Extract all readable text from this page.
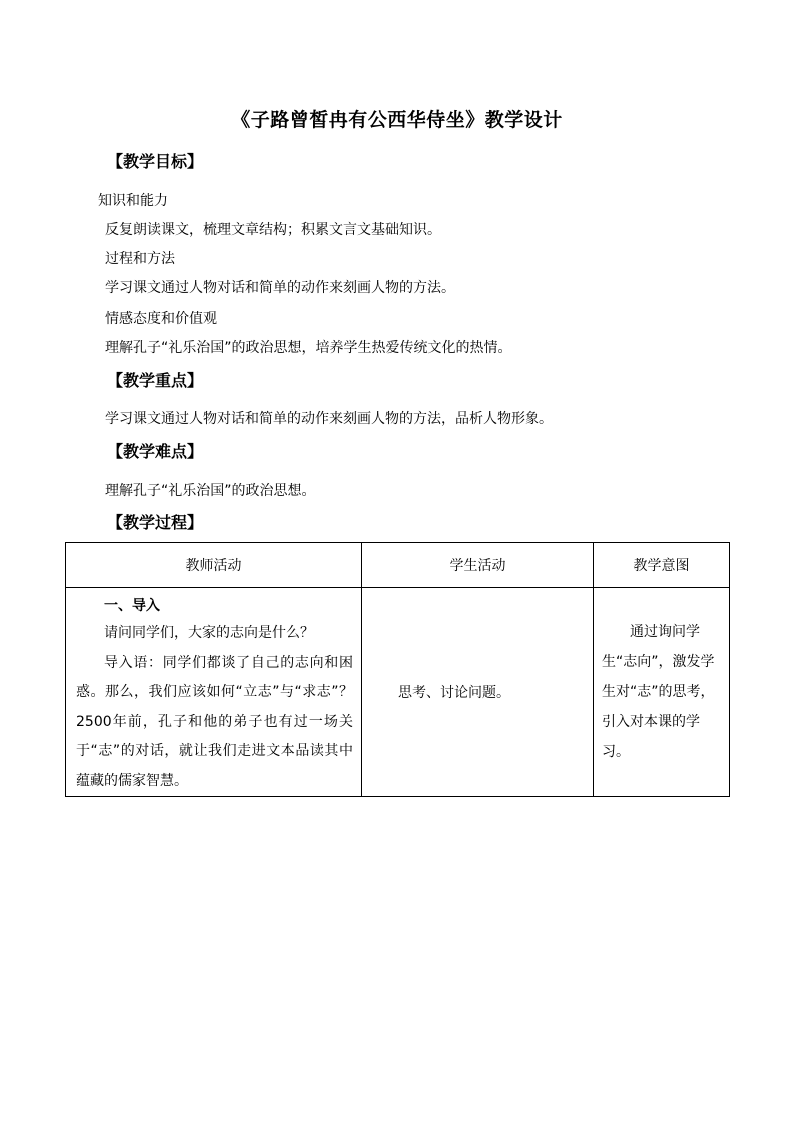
《子路曾皙冉有公西华侍坐》教学设计
【教学目标】
知识和能力
反复朗读课文，梳理文章结构；积累文言文基础知识。
过程和方法
学习课文通过人物对话和简单的动作来刻画人物的方法。
情感态度和价值观
理解孔子“礼乐治国”的政治思想，培养学生热爱传统文化的热情。
【教学重点】
学习课文通过人物对话和简单的动作来刻画人物的方法，品析人物形象。
【教学难点】
理解孔子“礼乐治国”的政治思想。
【教学过程】
教师活动	学生活动	教学意图

一、导入

请问同学们，大家的志向是什么？

导入语：同学们都谈了自己的志向和困惑。那么，我们应该如何“立志”与“求志”？2500年前，孔子和他的弟子也有过一场关于“志”的对话，就让我们走进文本品读其中蕴藏的儒家智慧。	思考、讨论问题。	通过询问学生“志向”，激发学生对“志”的思考，引入对本课的学习。
